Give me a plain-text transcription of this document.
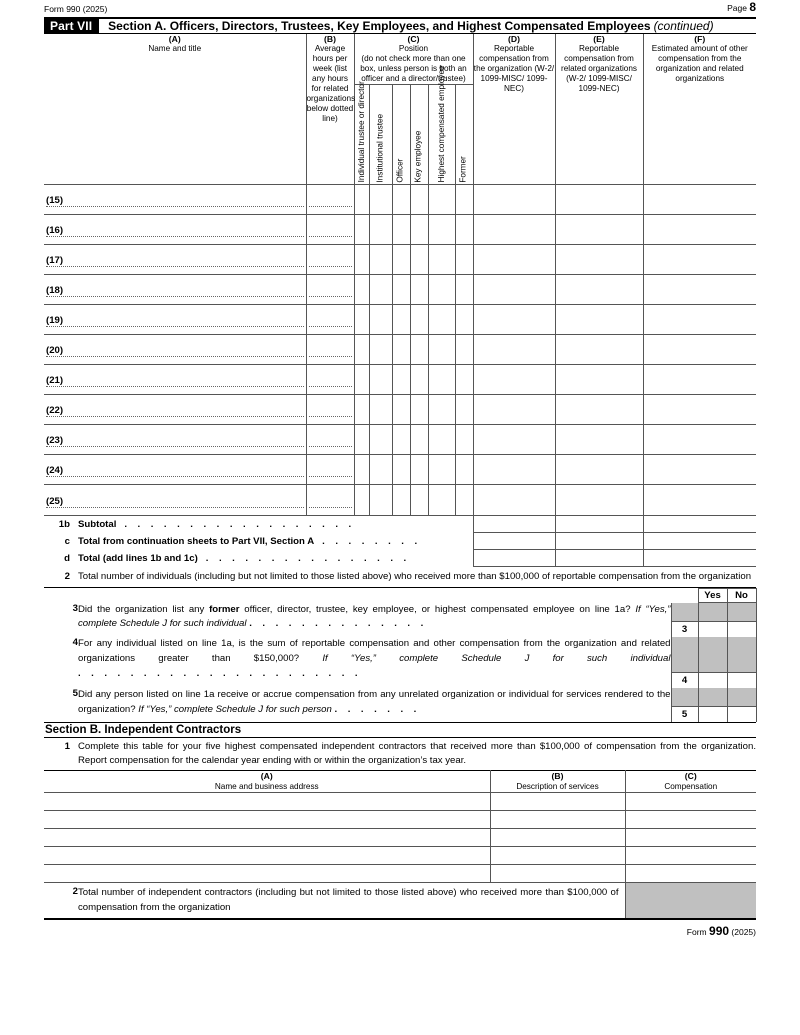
Form 990 (2025)	Page 8
Part VII	Section A. Officers, Directors, Trustees, Key Employees, and Highest Compensated Employees (continued)
(A)
Name and title

(B)
Average hours per week (list any hours for related organizations below dotted line)

(C)
Position
(do not check more than one box, unless person is both an officer and a director/trustee)

(D)
Reportable compensation from the organization (W-2/ 1099-MISC/ 1099-NEC)

(E)
Reportable compensation from related organizations (W-2/ 1099-MISC/ 1099-NEC)

(F)
Estimated amount of other compensation from the organization and related organizations

		Individual trustee or director	Institutional trustee	Officer	Key employee	Highest compensated employee	Former			

(15)										

(16)										

(17)										

(18)										

(19)										

(20)										

(21)										

(22)										

(23)										

(24)										

(25)										

1b Subtotal . . . . . . . . . . . . . . . . . . 			

c Total from continuation sheets to Part VII, Section A . . . . . . . . 			

d Total (add lines 1b and 1c) . . . . . . . . . . . . . . . . 			

2 Total number of individuals (including but not limited to those listed above) who received more than $100,000 of reportable compensation from the organization
			Yes	No
3	Did the organization list any former officer, director, trustee, key employee, or highest compensated employee on line 1a? If “Yes,” complete Schedule J for such individual . . . . . . . . . . . . . . 	3		

4	For any individual listed on line 1a, is the sum of reportable compensation and other compensation from the organization and related organizations greater than $150,000? If “Yes,” complete Schedule J for such individual . . . . . . . . . . . . . . . . . . . . . . 	4		

5	Did any person listed on line 1a receive or accrue compensation from any unrelated organization or individual for services rendered to the organization? If “Yes,” complete Schedule J for such person . . . . . . . 	5		

Section B. Independent Contractors
1 Complete this table for your five highest compensated independent contractors that received more than $100,000 of compensation from the organization. Report compensation for the calendar year ending with or within the organization’s tax year.
(A)
Name and business address

(B)
Description of services

(C)
Compensation

2	Total number of independent contractors (including but not limited to those listed above) who received more than $100,000 of compensation from the organization	
Form 990 (2025)
